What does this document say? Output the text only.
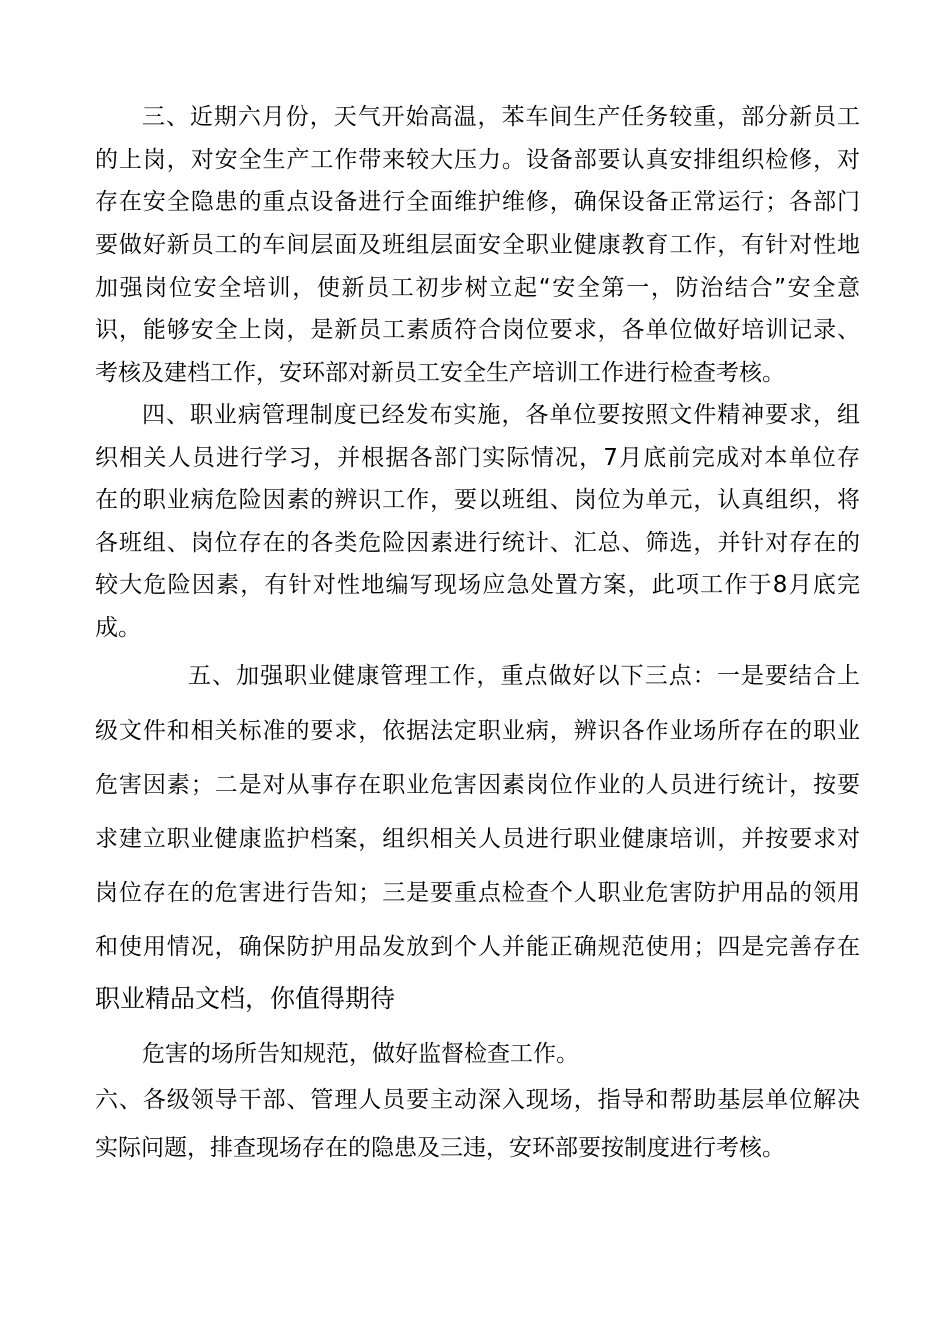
三、近期六月份，天气开始高温，苯车间生产任务较重，部分新员工
的上岗，对安全生产工作带来较大压力。设备部要认真安排组织检修，对
存在安全隐患的重点设备进行全面维护维修，确保设备正常运行；各部门
要做好新员工的车间层面及班组层面安全职业健康教育工作，有针对性地
加强岗位安全培训，使新员工初步树立起“安全第一，防治结合”安全意
识，能够安全上岗，是新员工素质符合岗位要求，各单位做好培训记录、
考核及建档工作，安环部对新员工安全生产培训工作进行检查考核。
四、职业病管理制度已经发布实施，各单位要按照文件精神要求，组
织相关人员进行学习，并根据各部门实际情况，7月底前完成对本单位存
在的职业病危险因素的辨识工作，要以班组、岗位为单元，认真组织，将
各班组、岗位存在的各类危险因素进行统计、汇总、筛选，并针对存在的
较大危险因素，有针对性地编写现场应急处置方案，此项工作于8月底完
成。
五、加强职业健康管理工作，重点做好以下三点：一是要结合上
级文件和相关标准的要求，依据法定职业病，辨识各作业场所存在的职业
危害因素；二是对从事存在职业危害因素岗位作业的人员进行统计，按要
求建立职业健康监护档案，组织相关人员进行职业健康培训，并按要求对
岗位存在的危害进行告知；三是要重点检查个人职业危害防护用品的领用
和使用情况，确保防护用品发放到个人并能正确规范使用；四是完善存在
职业精品文档，你值得期待
危害的场所告知规范，做好监督检查工作。
六、各级领导干部、管理人员要主动深入现场，指导和帮助基层单位解决
实际问题，排查现场存在的隐患及三违，安环部要按制度进行考核。
